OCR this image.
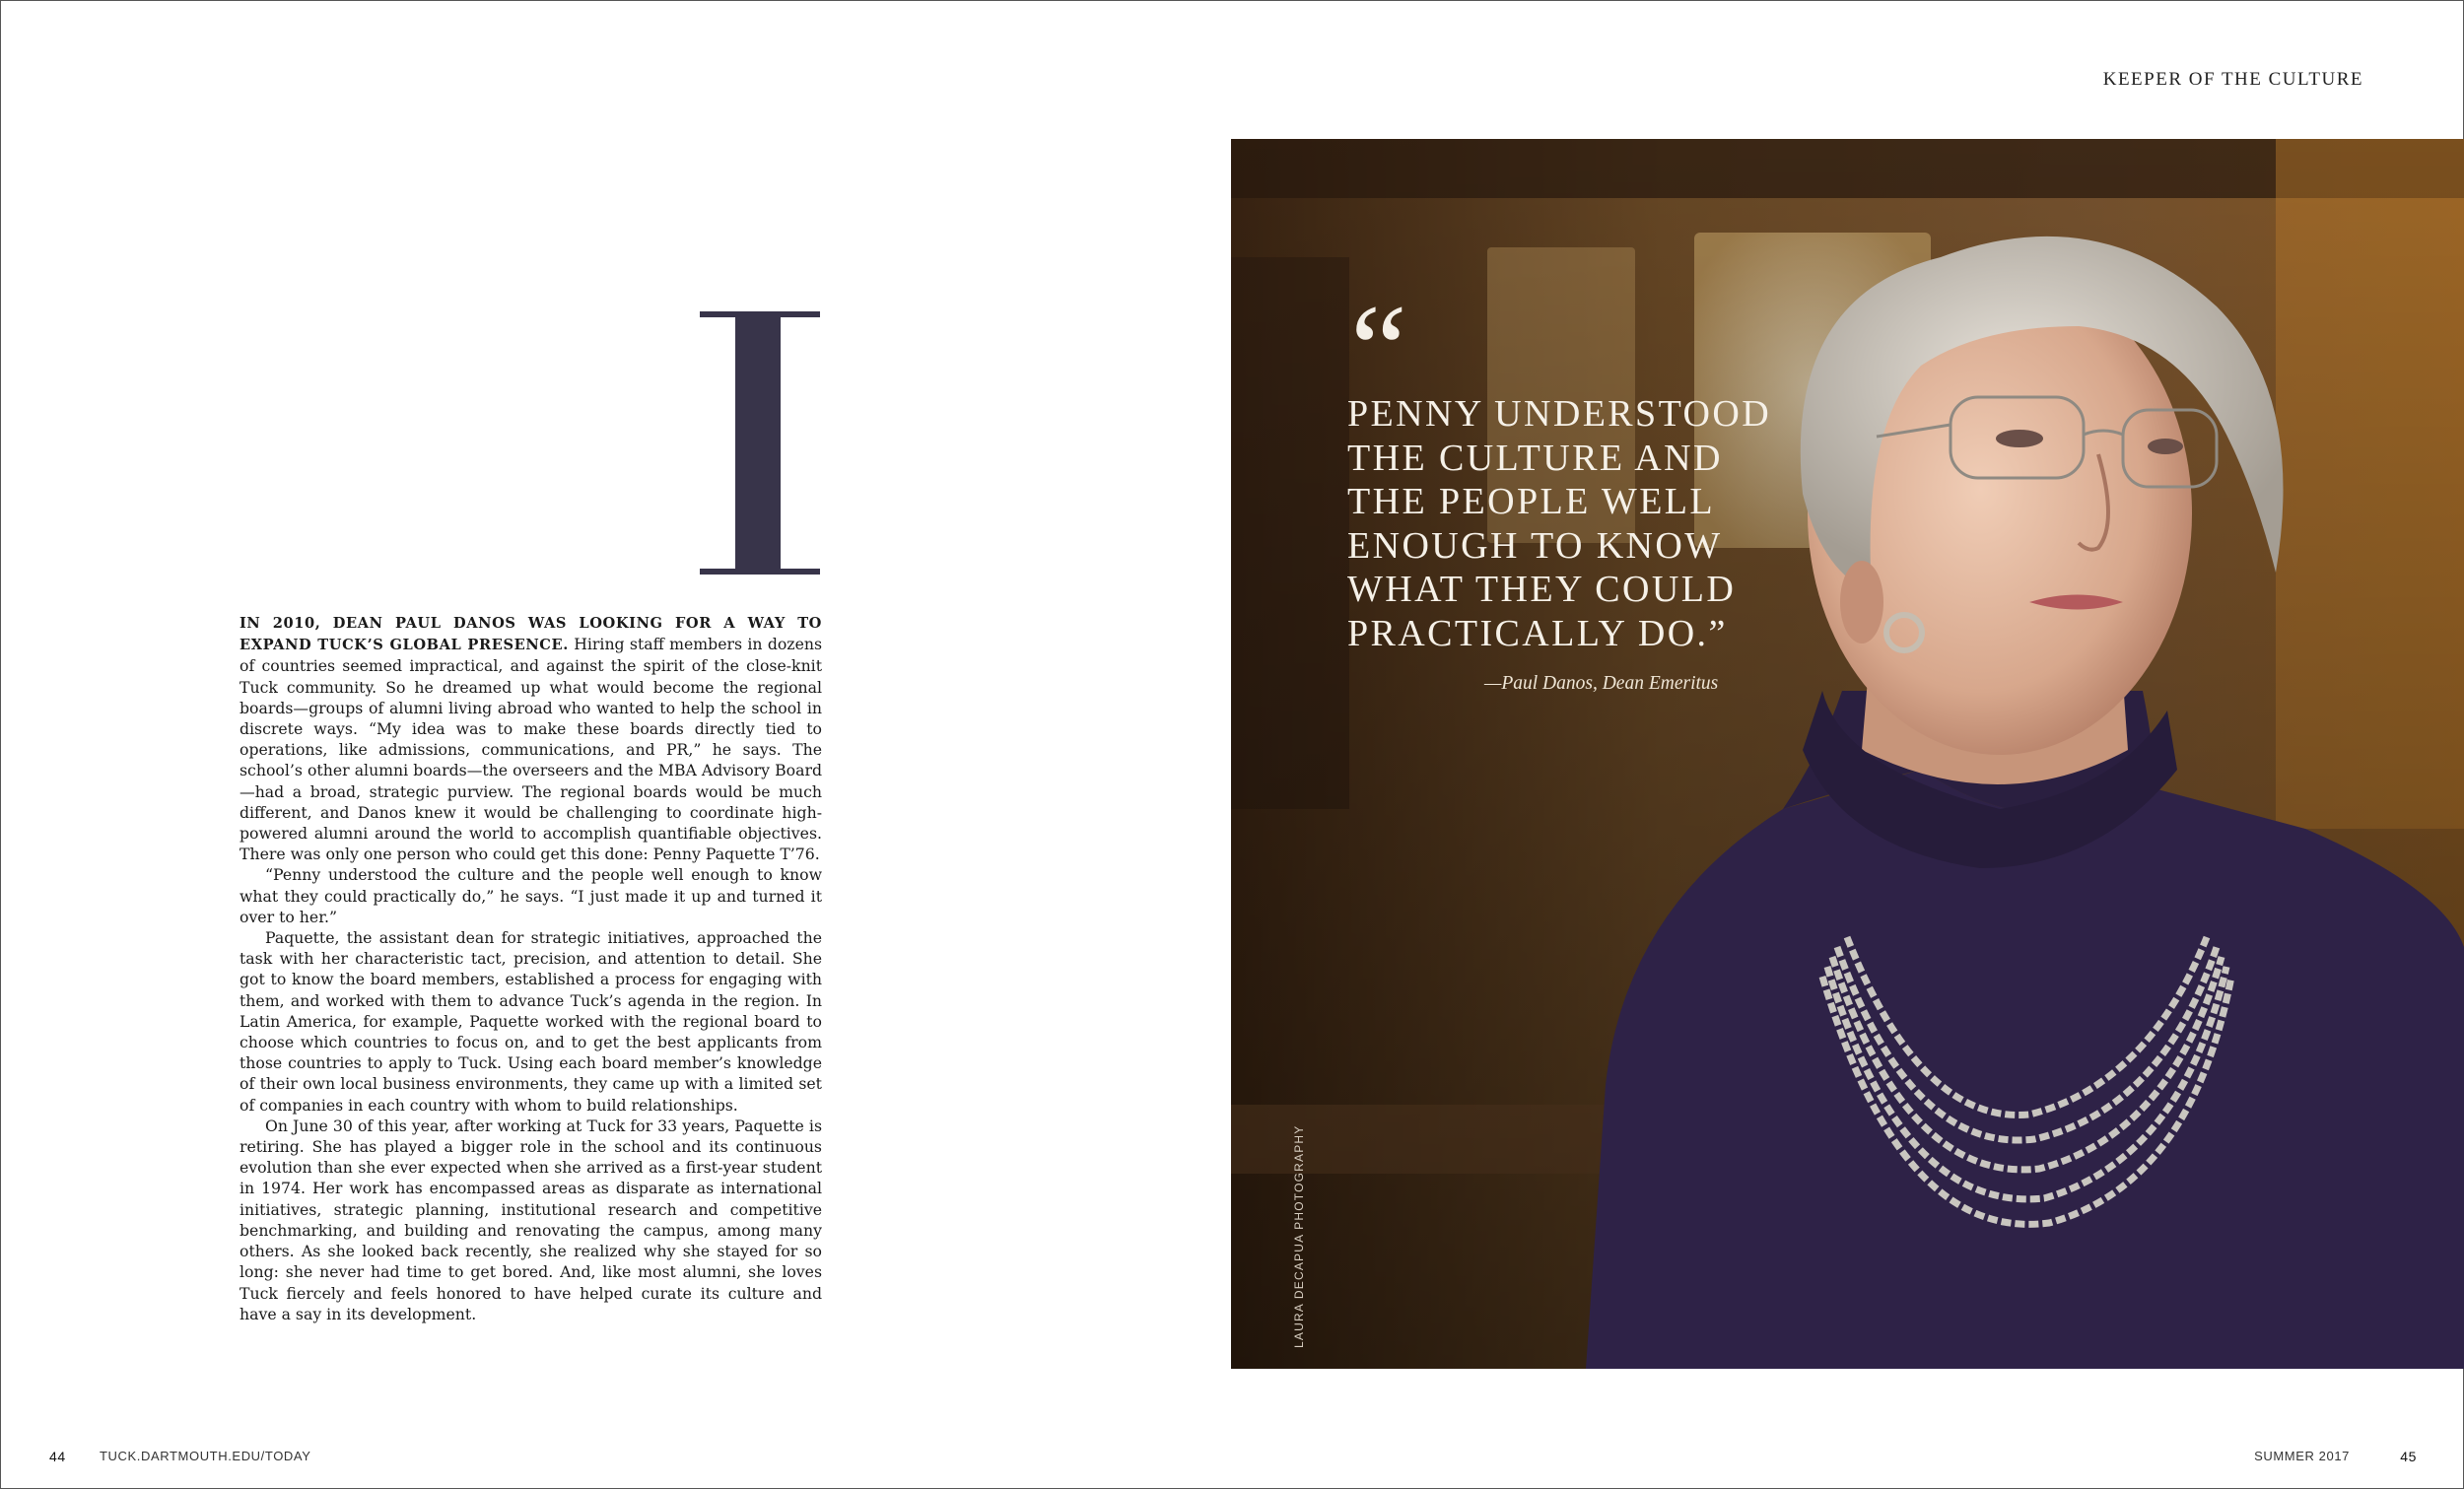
KEEPER OF THE CULTURE

IN 2010, DEAN PAUL DANOS WAS LOOKING FOR A WAY TO EXPAND TUCK’S GLOBAL PRESENCE. Hiring staff members in dozens of countries seemed impractical, and against the spirit of the close-knit Tuck community. So he dreamed up what would become the regional boards—groups of alumni living abroad who wanted to help the school in discrete ways. “My idea was to make these boards directly tied to operations, like admissions, communications, and PR,” he says. The school’s other alumni boards—the overseers and the MBA Advisory Board—had a broad, strategic purview. The regional boards would be much different, and Danos knew it would be challenging to coordinate high-powered alumni around the world to accomplish quantifiable objectives. There was only one person who could get this done: Penny Paquette T’76.

“Penny understood the culture and the people well enough to know what they could practically do,” he says. “I just made it up and turned it over to her.”

Paquette, the assistant dean for strategic initiatives, approached the task with her characteristic tact, precision, and attention to detail. She got to know the board members, established a process for engaging with them, and worked with them to advance Tuck’s agenda in the region. In Latin America, for example, Paquette worked with the regional board to choose which countries to focus on, and to get the best applicants from those countries to apply to Tuck. Using each board member’s knowledge of their own local business environments, they came up with a limited set of companies in each country with whom to build relationships.

On June 30 of this year, after working at Tuck for 33 years, Paquette is retiring. She has played a bigger role in the school and its continuous evolution than she ever expected when she arrived as a first-year student in 1974. Her work has encompassed areas as disparate as international initiatives, strategic planning, institutional research and competitive benchmarking, and building and renovating the campus, among many others. As she looked back recently, she realized why she stayed for so long: she never had time to get bored. And, like most alumni, she loves Tuck fiercely and feels honored to have helped curate its culture and have a say in its development.

“
PENNY UNDERSTOOD THE CULTURE AND THE PEOPLE WELL ENOUGH TO KNOW WHAT THEY COULD PRACTICALLY DO.”
—Paul Danos, Dean Emeritus
LAURA DECAPUA PHOTOGRAPHY
44	TUCK.DARTMOUTH.EDU/TODAY	SUMMER 2017	45
